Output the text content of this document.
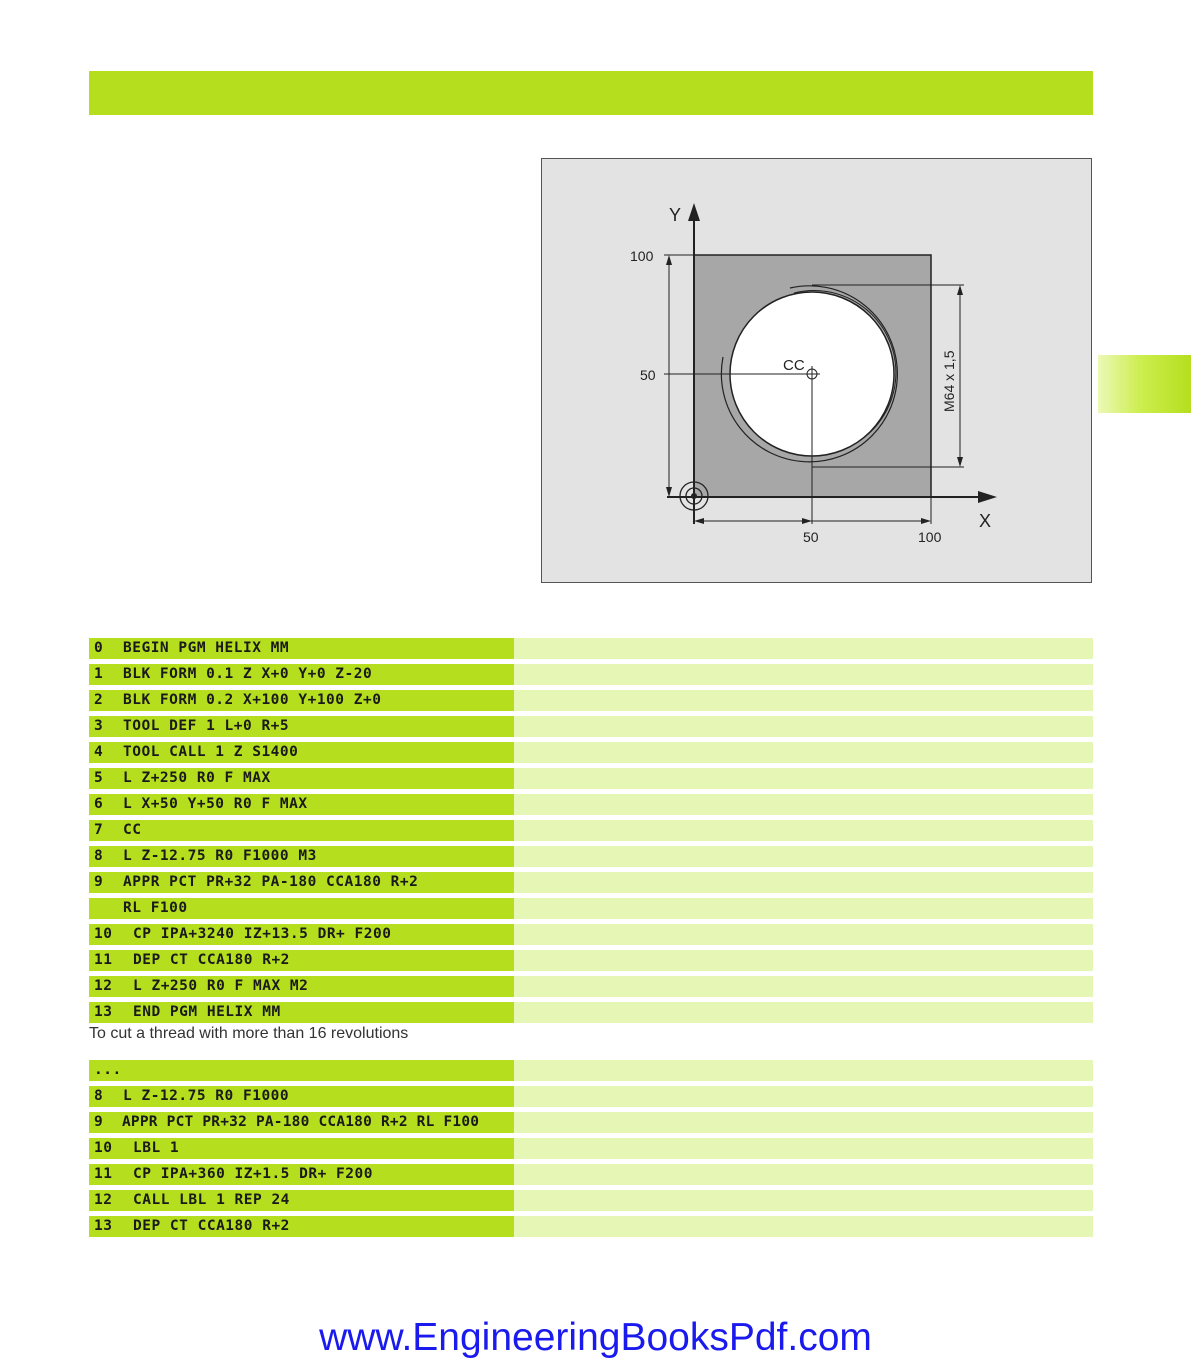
Y
X
100
50
50	100
CC	M64 x 1,5
0 BEGIN PGM HELIX MM
1 BLK FORM 0.1 Z X+0 Y+0 Z-20
2 BLK FORM 0.2 X+100 Y+100 Z+0
3 TOOL DEF 1 L+0 R+5
4 TOOL CALL 1 Z S1400
5 L Z+250 R0 F MAX
6 L X+50 Y+50 R0 F MAX
7 CC
8 L Z-12.75 R0 F1000 M3
9 APPR PCT PR+32 PA-180 CCA180 R+2
RL F100
10 CP IPA+3240 IZ+13.5 DR+ F200
11 DEP CT CCA180 R+2
12 L Z+250 R0 F MAX M2
13 END PGM HELIX MM
To cut a thread with more than 16 revolutions
...
8 L Z-12.75 R0 F1000
9 APPR PCT PR+32 PA-180 CCA180 R+2 RL F100
10 LBL 1
11 CP IPA+360 IZ+1.5 DR+ F200
12 CALL LBL 1 REP 24
13 DEP CT CCA180 R+2
www.EngineeringBooksPdf.com
